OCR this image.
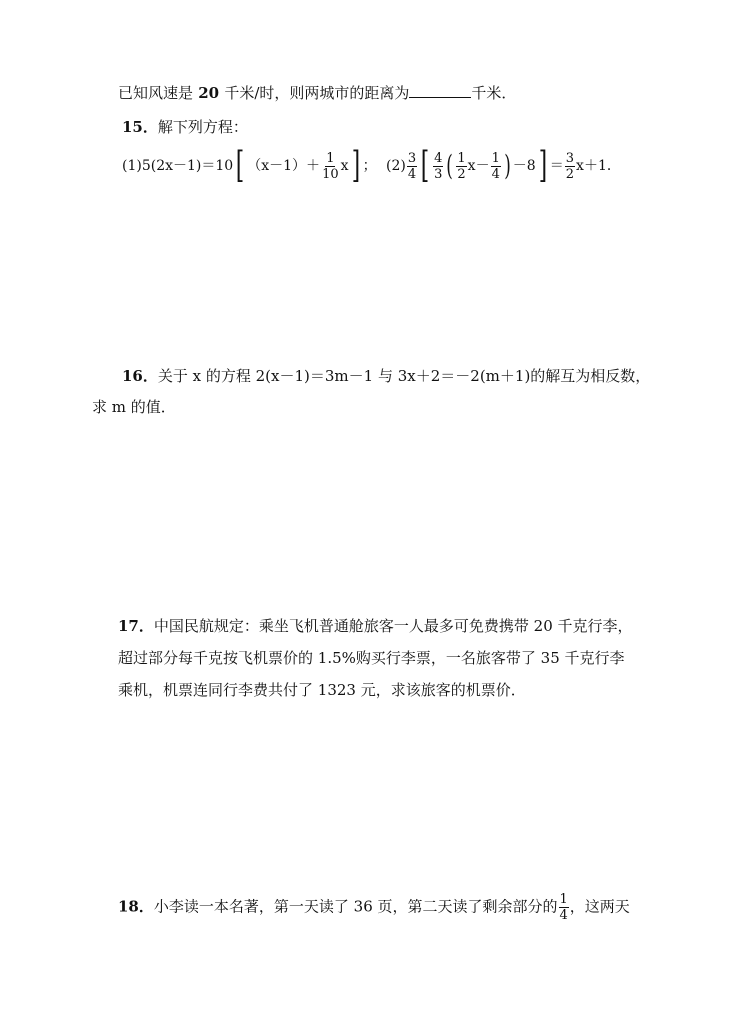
已知风速是 20 千米/时，则两城市的距离为	千米．
15．解下列方程：
(1)5(2x－1)＝10[ $(x-1)+ \frac{1}{10} x$] ； $(2) \frac{3}{4}$ [ $\frac{4}{3}$ ( $\frac{1}{2} x- \frac{1}{4}$ ) $-8] = \frac{3}{2} x+1$．
16．关于 x 的方程 2(x－1)＝3m－1 与 3x＋2＝－2(m＋1)的解互为相反数，
求 m 的值．
17．中国民航规定：乘坐飞机普通舱旅客一人最多可免费携带 20 千克行李，
超过部分每千克按飞机票价的 1.5%购买行李票，一名旅客带了 35 千克行李
乘机，机票连同行李费共付了 1323 元，求该旅客的机票价．
18．小李读一本名著，第一天读了 36 页，第二天读了剩余部分的 $\frac{1}{4}$ ，这两天
